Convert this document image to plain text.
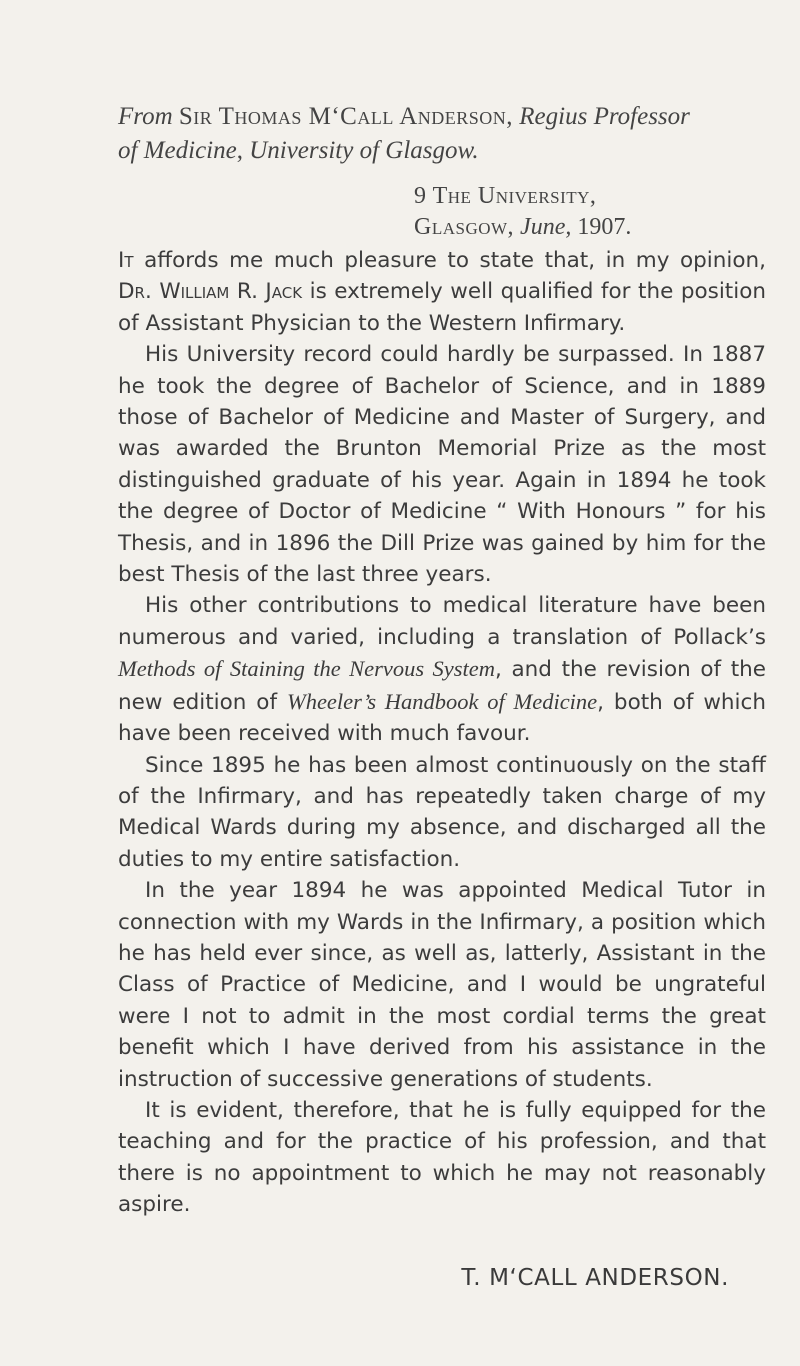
From Sir Thomas M‘Call Anderson, Regius Professor
of Medicine, University of Glasgow.
9 The University,
Glasgow, June, 1907.

It affords me much pleasure to state that, in my opinion, Dr. William R. Jack is extremely well qualified for the position of Assistant Physician to the Western Infirmary.

His University record could hardly be surpassed. In 1887 he took the degree of Bachelor of Science, and in 1889 those of Bachelor of Medicine and Master of Surgery, and was awarded the Brunton Memorial Prize as the most distinguished graduate of his year. Again in 1894 he took the degree of Doctor of Medicine “ With Honours ” for his Thesis, and in 1896 the Dill Prize was gained by him for the best Thesis of the last three years.

His other contributions to medical literature have been numerous and varied, including a translation of Pollack’s Methods of Staining the Nervous System, and the revision of the new edition of Wheeler’s Handbook of Medicine, both of which have been received with much favour.

Since 1895 he has been almost continuously on the staff of the Infirmary, and has repeatedly taken charge of my Medical Wards during my absence, and discharged all the duties to my entire satisfaction.

In the year 1894 he was appointed Medical Tutor in connection with my Wards in the Infirmary, a position which he has held ever since, as well as, latterly, Assistant in the Class of Practice of Medicine, and I would be ungrateful were I not to admit in the most cordial terms the great benefit which I have derived from his assistance in the instruction of successive generations of students.

It is evident, therefore, that he is fully equipped for the teaching and for the practice of his profession, and that there is no appointment to which he may not reasonably aspire.

T. M‘CALL ANDERSON.
